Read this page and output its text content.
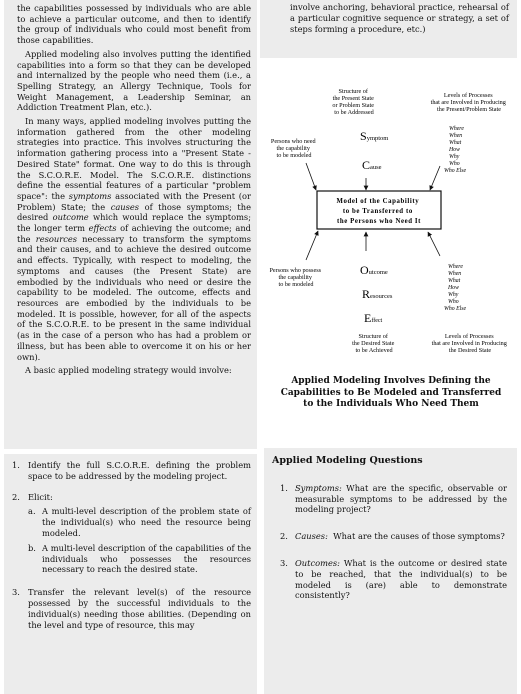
the capabilities possessed by individuals who are able to achieve a particular outcome, and then to identify the group of individuals who could most benefit from those capabilities.

Applied modeling also involves putting the identified capabilities into a form so that they can be developed and internalized by the people who need them (i.e., a Spelling Strategy, an Allergy Technique, Tools for Weight Management, a Leadership Seminar, an Addiction Treatment Plan, etc.).

In many ways, applied modeling involves putting the information gathered from the other modeling strategies into practice. This involves structuring the information gathering process into a "Present State - Desired State" format. One way to do this is through the S.C.O.R.E. Model. The S.C.O.R.E. distinctions define the essential features of a particular "problem space": the symptoms associated with the Present (or Problem) State; the causes of those symptoms; the desired outcome which would replace the symptoms; the longer term effects of achieving the outcome; and the resources necessary to transform the symptoms and their causes, and to achieve the desired outcome and effects. Typically, with respect to modeling, the symptoms and causes (the Present State) are embodied by the individuals who need or desire the capability to be modeled. The outcome, effects and resources are embodied by the individuals to be modeled. It is possible, however, for all of the aspects of the S.C.O.R.E. to be present in the same individual (as in the case of a person who has had a problem or illness, but has been able to overcome it on his or her own).

A basic applied modeling strategy would involve:

1. Identify the full S.C.O.R.E. defining the problem space to be addressed by the modeling project.
2. Elicit:
a. A multi-level description of the problem state of the individual(s) who need the resource being modeled.
b. A multi-level description of the capabilities of the individuals who possesses the resources necessary to reach the desired state.
3. Transfer the relevant level(s) of the resource possessed by the successful individuals to the individual(s) needing those abilities. (Depending on the level and type of resource, this may
involve anchoring, behavioral practice, rehearsal of a particular cognitive sequence or strategy, a set of steps forming a procedure, etc.)
Structure of the Present State or Problem State to be Addressed
Levels of Processes that are Involved in Producing the Present/Problem State
Persons who need the capability to be modeled
Symptom
Cause
Where When What How Why Who Who Else
Model of the Capability to be Transferred to the Persons who Need It
Persons who possess the capability to be modeled
Outcome
Resources
Effect
Where When What How Why Who Who Else
Structure of the Desired State to be Achieved
Levels of Processes that are Involved in Producing the Desired State
Applied Modeling Involves Defining the
Capabilities to Be Modeled and Transferred
to the Individuals Who Need Them
Applied Modeling Questions
1. Symptoms: What are the specific, observable or measurable symptoms to be addressed by the modeling project?
2. Causes:  What are the causes of those symptoms?
3. Outcomes: What is the outcome or desired state to be reached, that the individual(s) to be modeled is (are) able to demonstrate consistently?
